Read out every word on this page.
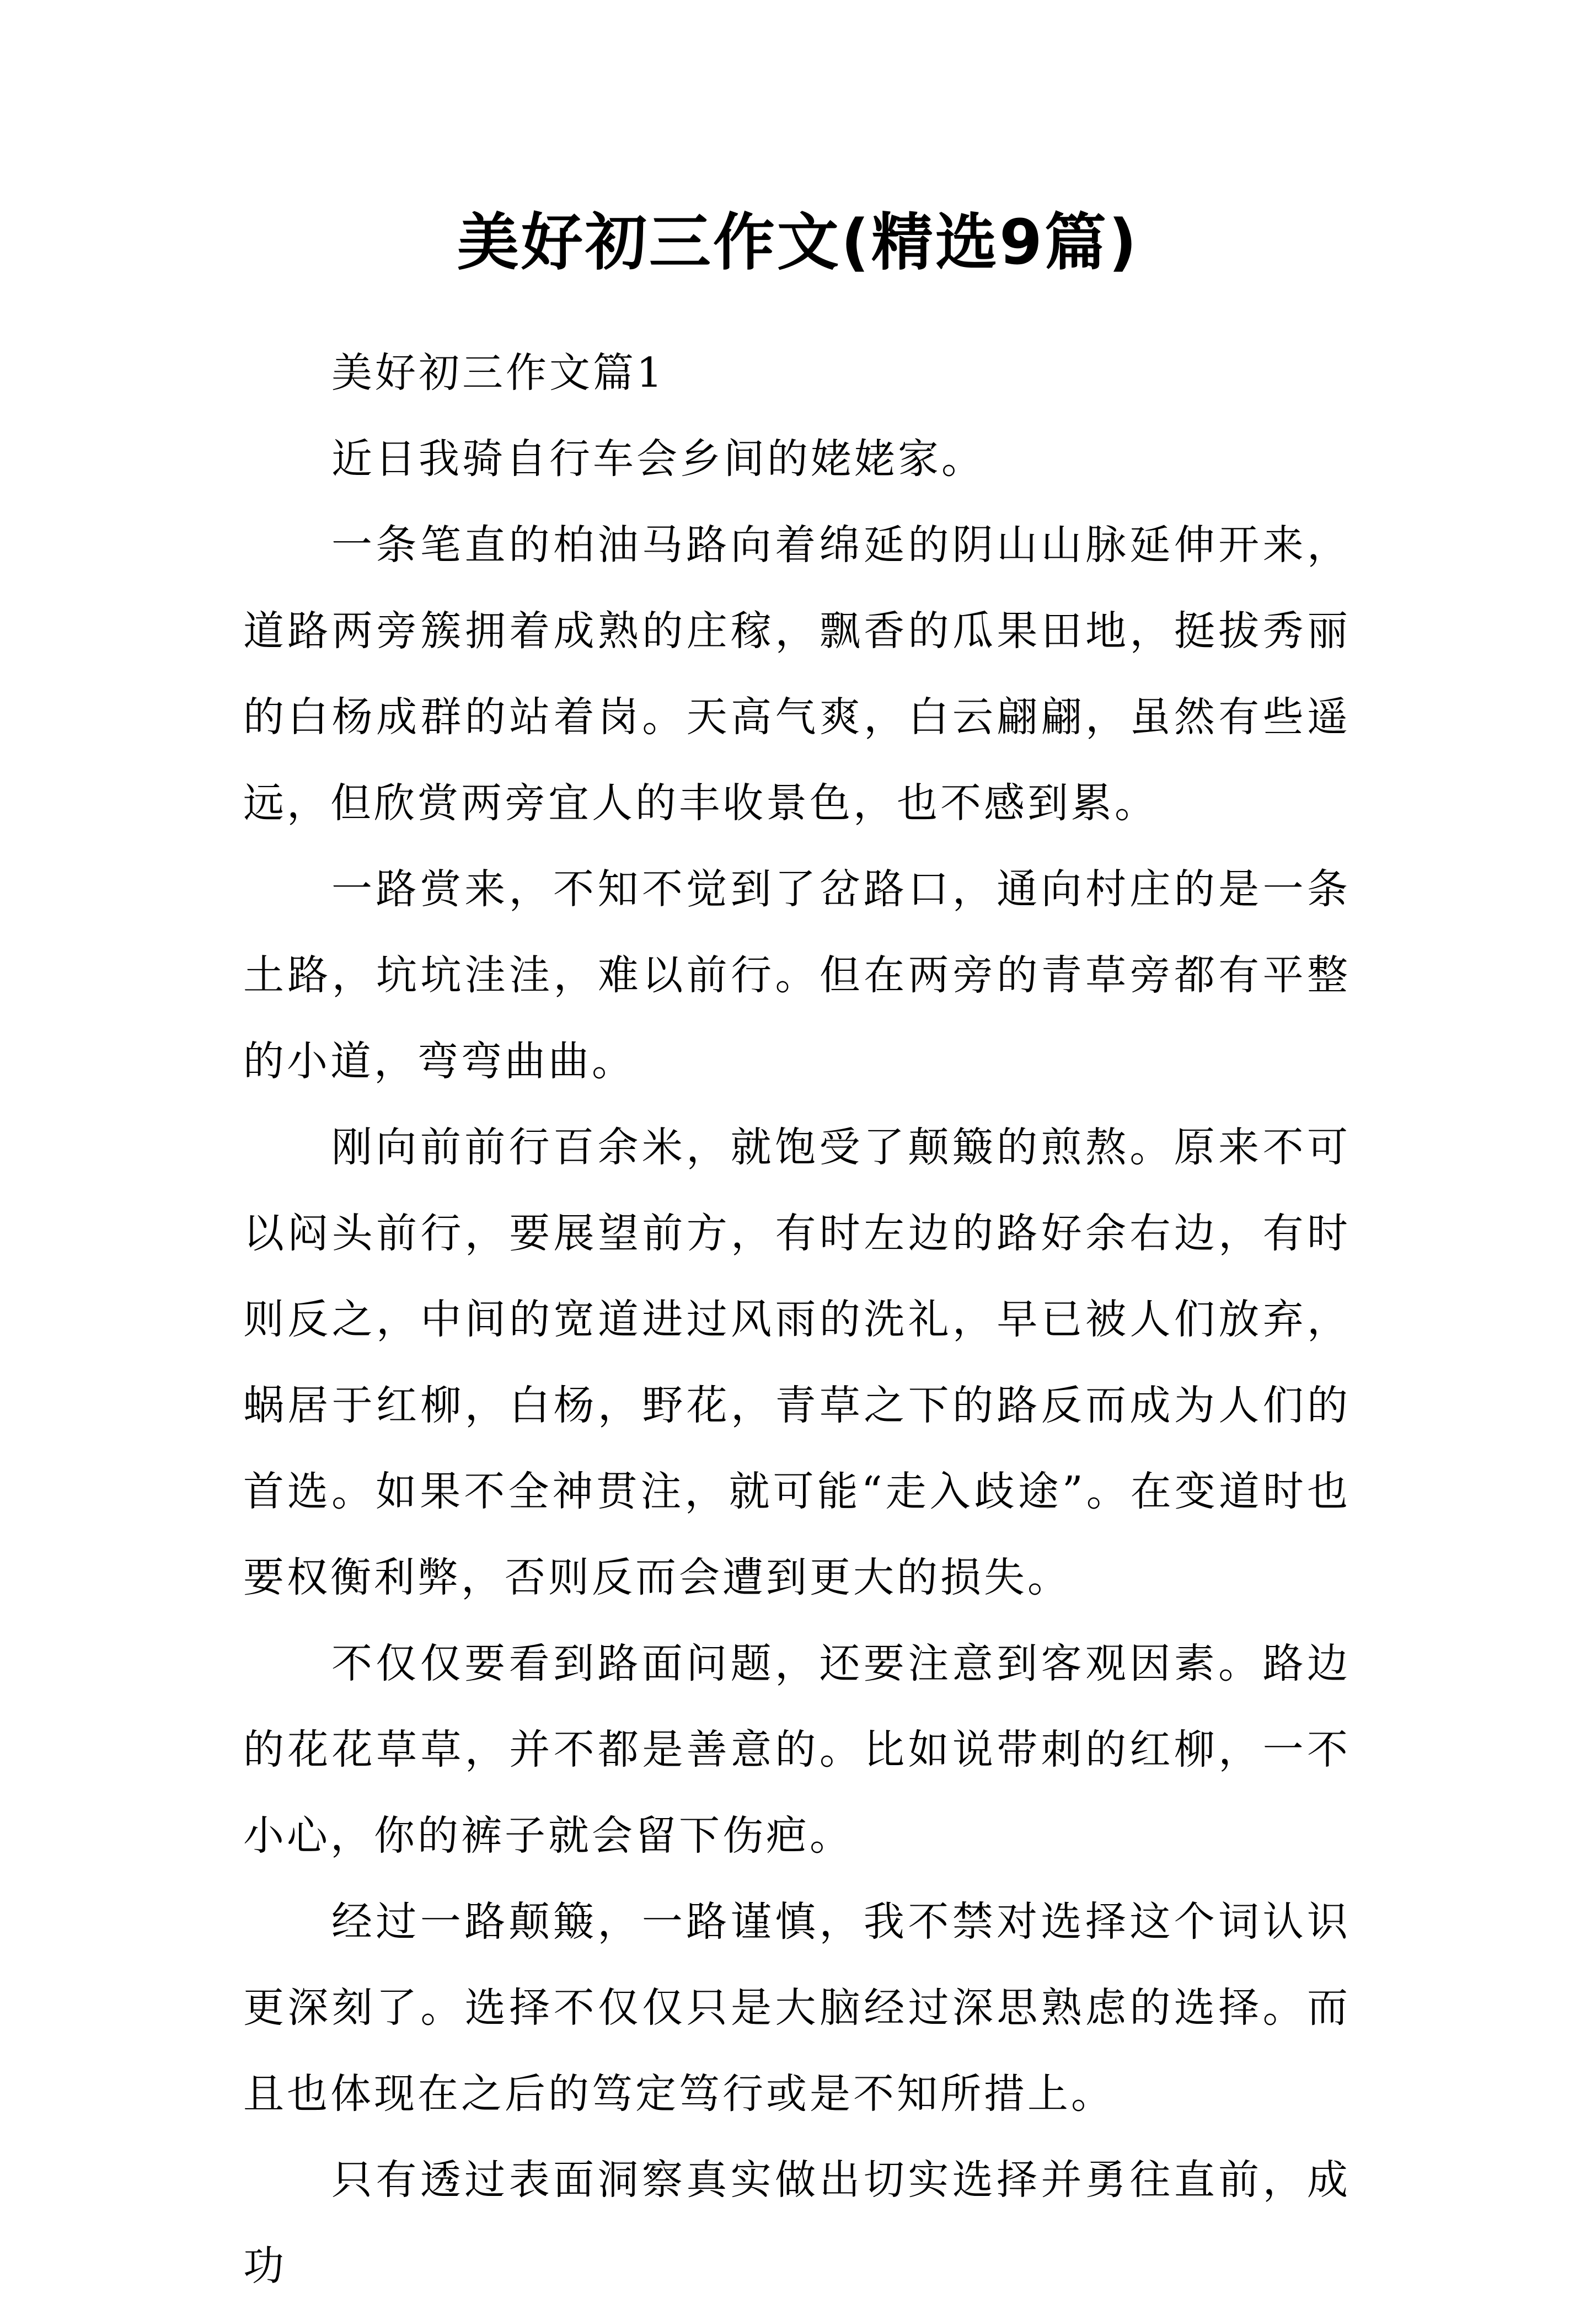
美好初三作文(精选9篇)

美好初三作文篇1

近日我骑自行车会乡间的姥姥家。

一条笔直的柏油马路向着绵延的阴山山脉延伸开来，道路两旁簇拥着成熟的庄稼，飘香的瓜果田地，挺拔秀丽的白杨成群的站着岗。天高气爽，白云翩翩，虽然有些遥远，但欣赏两旁宜人的丰收景色，也不感到累。

一路赏来，不知不觉到了岔路口，通向村庄的是一条土路，坑坑洼洼，难以前行。但在两旁的青草旁都有平整的小道，弯弯曲曲。

刚向前前行百余米，就饱受了颠簸的煎熬。原来不可以闷头前行，要展望前方，有时左边的路好余右边，有时则反之，中间的宽道进过风雨的洗礼，早已被人们放弃，蜗居于红柳，白杨，野花，青草之下的路反而成为人们的首选。如果不全神贯注，就可能“走入歧途”。在变道时也要权衡利弊，否则反而会遭到更大的损失。

不仅仅要看到路面问题，还要注意到客观因素。路边的花花草草，并不都是善意的。比如说带刺的红柳，一不小心，你的裤子就会留下伤疤。

经过一路颠簸，一路谨慎，我不禁对选择这个词认识更深刻了。选择不仅仅只是大脑经过深思熟虑的选择。而且也体现在之后的笃定笃行或是不知所措上。

只有透过表面洞察真实做出切实选择并勇往直前，成功
